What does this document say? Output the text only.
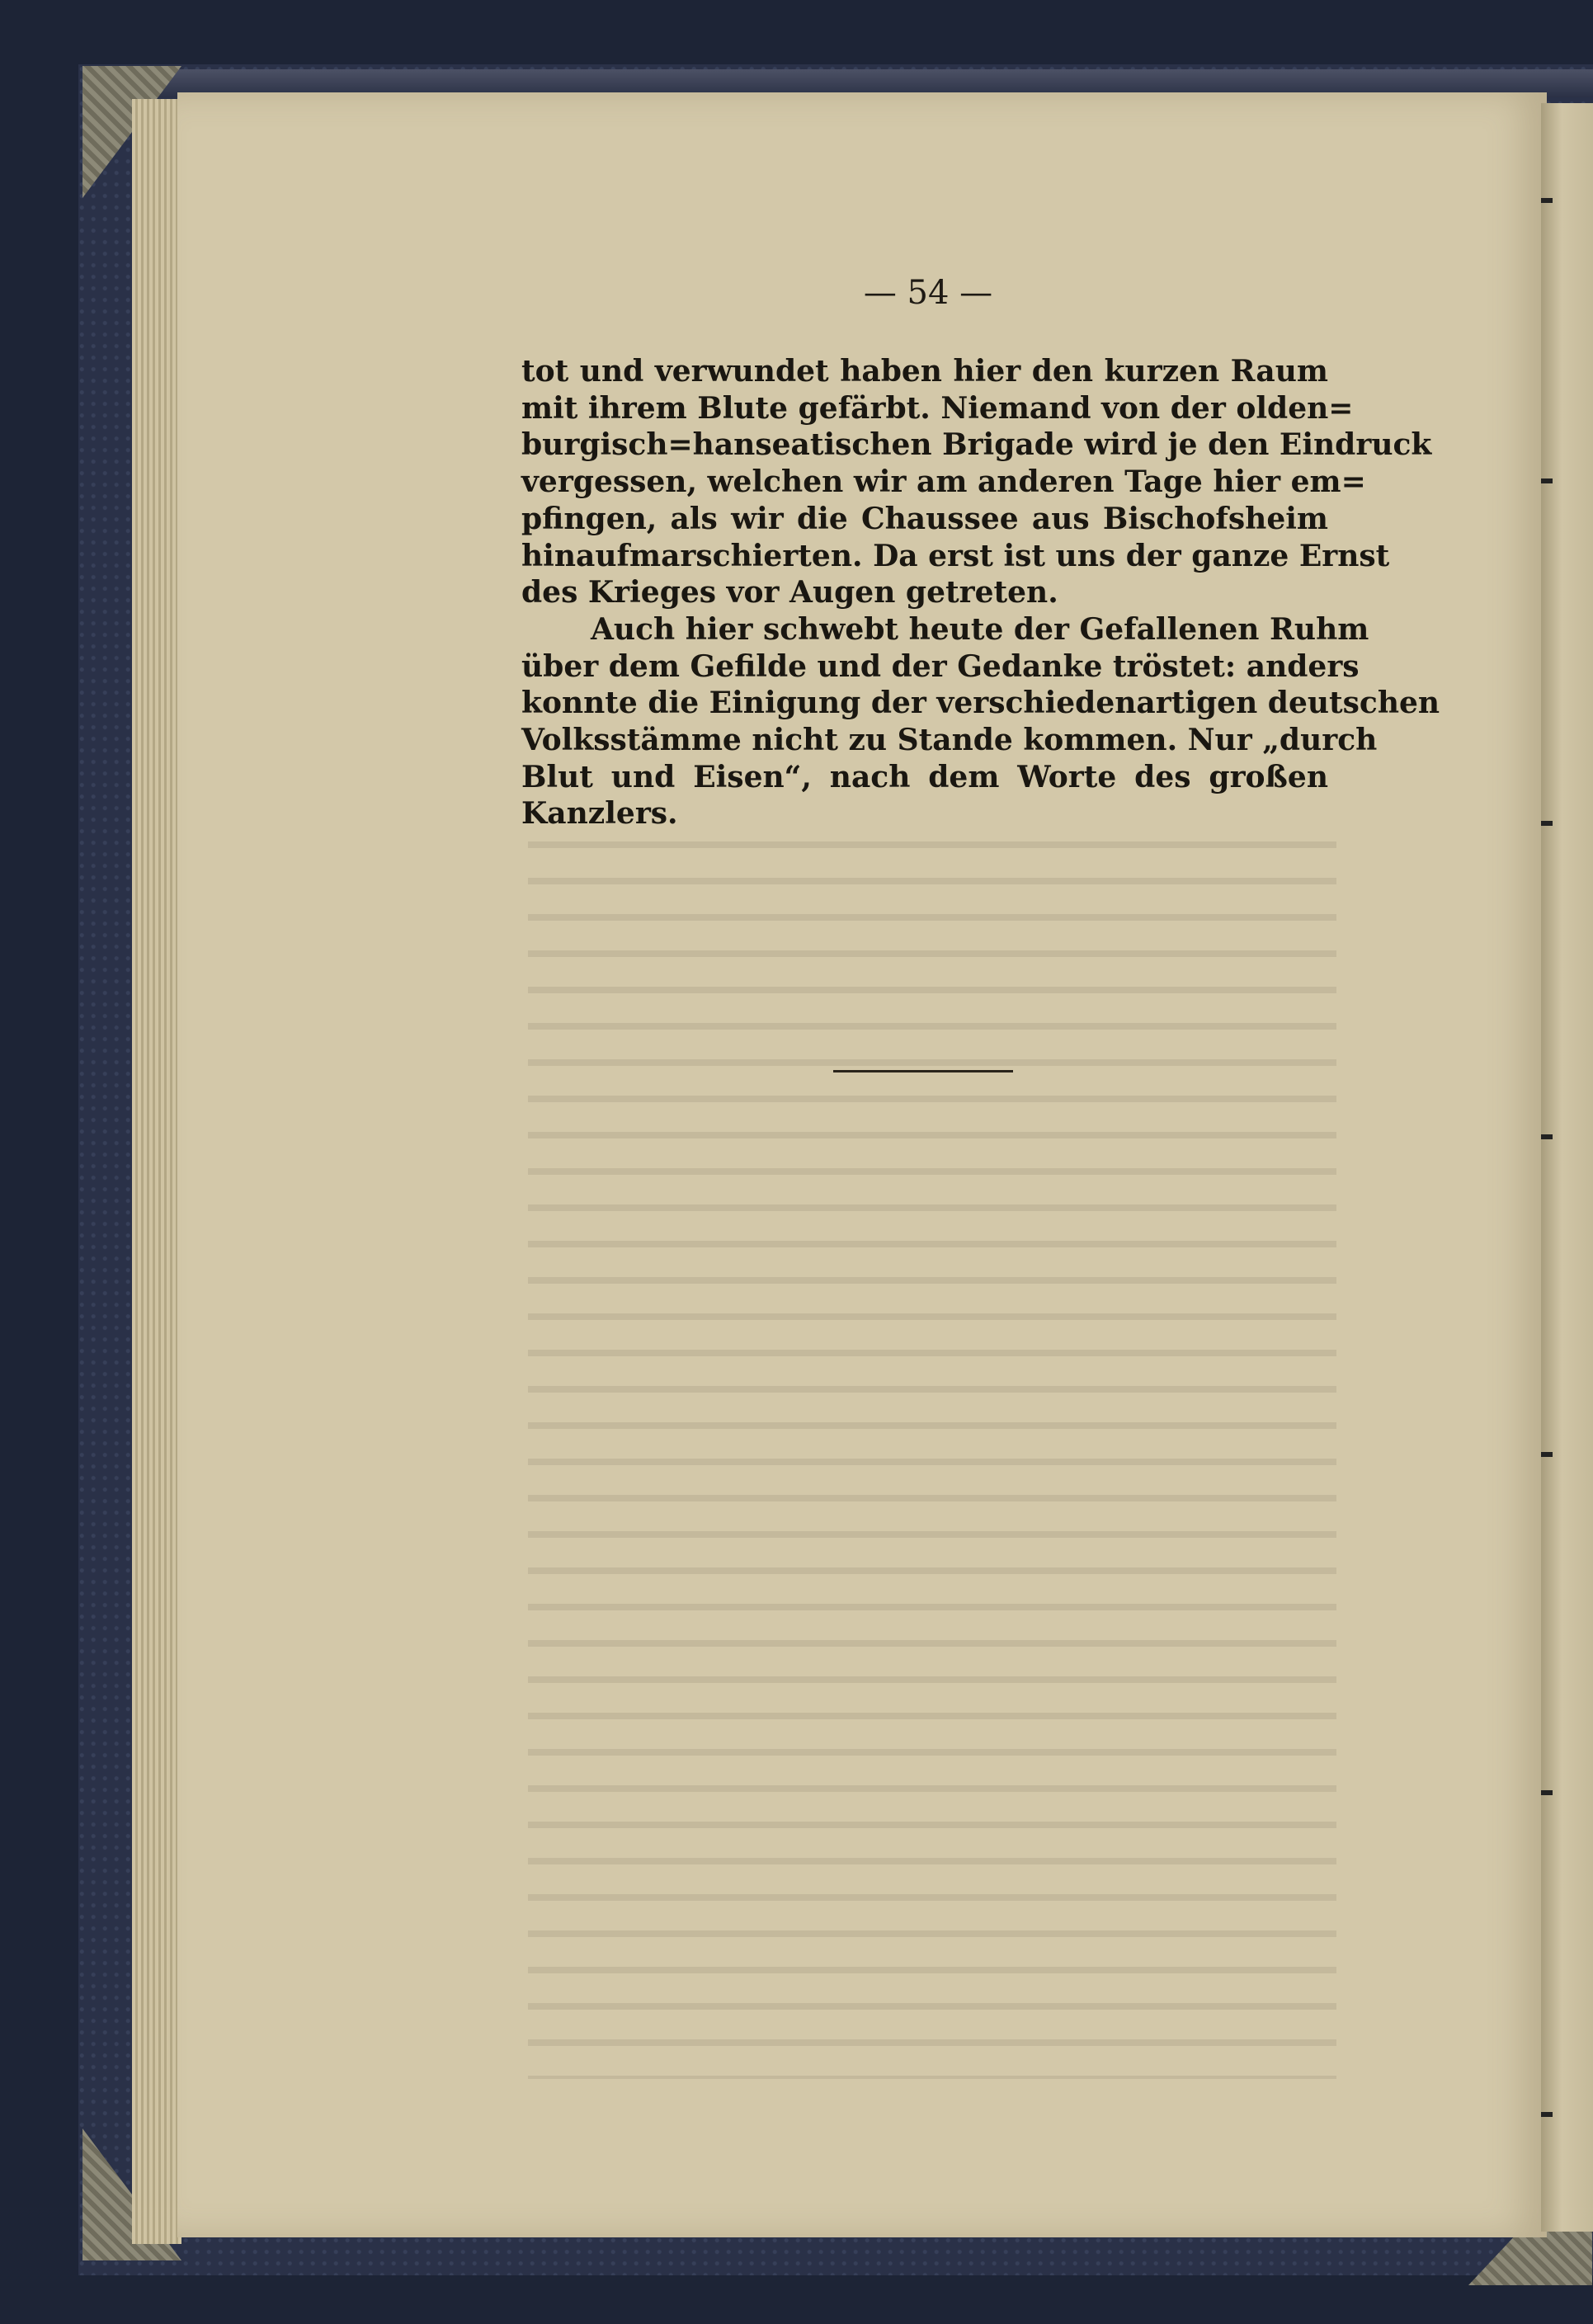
— 54 —
tot und verwundet haben hier den kurzen Raum
mit ihrem Blute gefärbt. Niemand von der olden=
burgisch=hanseatischen Brigade wird je den Eindruck
vergessen, welchen wir am anderen Tage hier em=
pfingen, als wir die Chaussee aus Bischofsheim
hinaufmarschierten. Da erst ist uns der ganze Ernst
des Krieges vor Augen getreten.
Auch hier schwebt heute der Gefallenen Ruhm
über dem Gefilde und der Gedanke tröstet: anders
konnte die Einigung der verschiedenartigen deutschen
Volksstämme nicht zu Stande kommen. Nur „durch
Blut und Eisen“, nach dem Worte des großen
Kanzlers.
